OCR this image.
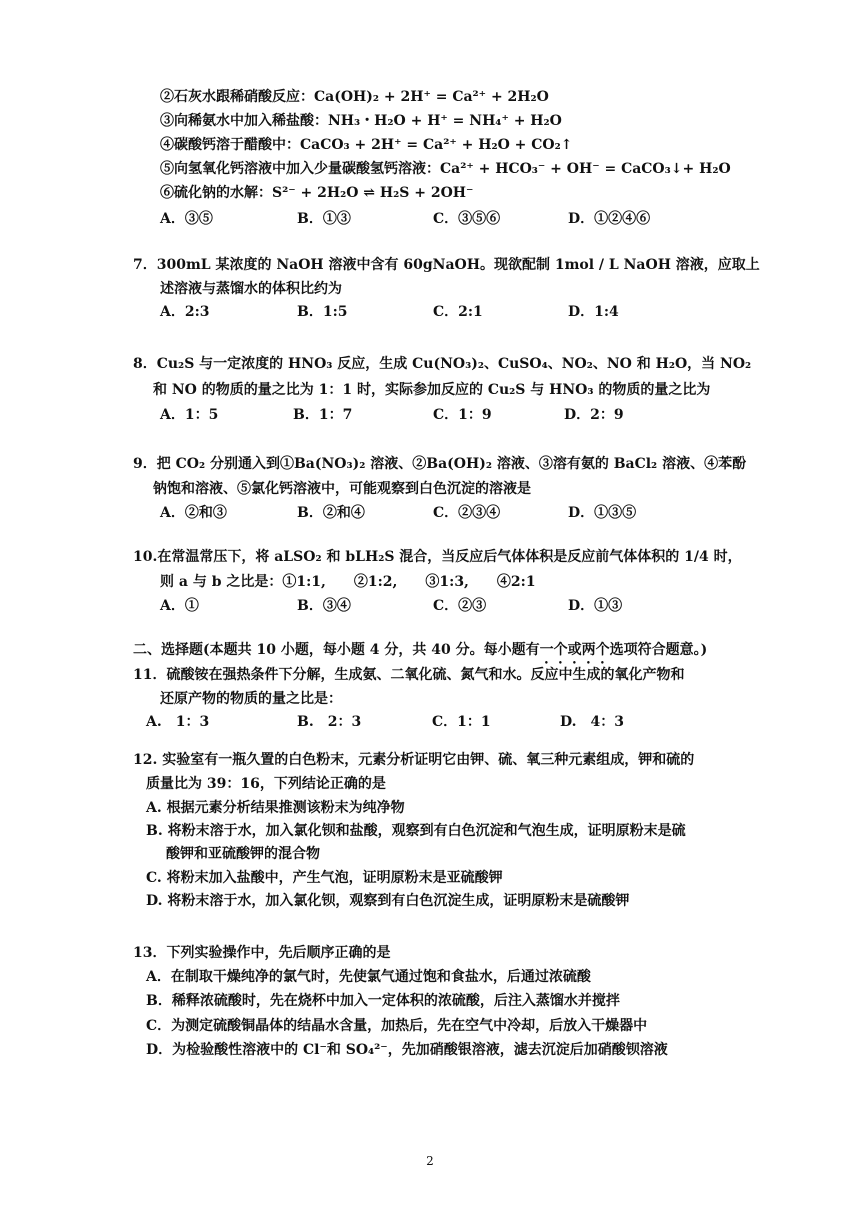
②石灰水跟稀硝酸反应：Ca(OH)₂ + 2H⁺ = Ca²⁺ + 2H₂O
③向稀氨水中加入稀盐酸：NH₃・H₂O + H⁺ = NH₄⁺ + H₂O
④碳酸钙溶于醋酸中：CaCO₃ + 2H⁺ = Ca²⁺ + H₂O + CO₂↑
⑤向氢氧化钙溶液中加入少量碳酸氢钙溶液：Ca²⁺ + HCO₃⁻ + OH⁻ = CaCO₃↓+ H₂O
⑥硫化钠的水解：S²⁻ + 2H₂O ⇌ H₂S + 2OH⁻
A．③⑤	B．①③	C．③⑤⑥	D．①②④⑥
7．300mL 某浓度的 NaOH 溶液中含有 60gNaOH。现欲配制 1mol / L NaOH 溶液，应取上
述溶液与蒸馏水的体积比约为
A．2:3	B．1:5	C．2:1	D．1:4
8．Cu₂S 与一定浓度的 HNO₃ 反应，生成 Cu(NO₃)₂、CuSO₄、NO₂、NO 和 H₂O，当 NO₂
和 NO 的物质的量之比为 1：1 时，实际参加反应的 Cu₂S 与 HNO₃ 的物质的量之比为
A．1：5	B．1：7	C．1：9	D．2：9
9．把 CO₂ 分别通入到①Ba(NO₃)₂ 溶液、②Ba(OH)₂ 溶液、③溶有氨的 BaCl₂ 溶液、④苯酚
钠饱和溶液、⑤氯化钙溶液中，可能观察到白色沉淀的溶液是
A．②和③	B．②和④	C．②③④	D．①③⑤
10.在常温常压下，将 aLSO₂ 和 bLH₂S 混合，当反应后气体体积是反应前气体体积的 1/4 时，
则 a 与 b 之比是：①1:1,　　②1:2,　　③1:3,　　④2:1
A．①	B．③④	C．②③	D．①③
二、选择题(本题共 10 小题，每小题 4 分，共 40 分。每小题有一个或两个选项符合题意。)
11．硫酸铵在强热条件下分解，生成氨、二氧化硫、氮气和水。反应中生成的氧化产物和
还原产物的物质的量之比是：
A.　1：3	B.　2：3	C．1：1	D.　4：3
12. 实验室有一瓶久置的白色粉末，元素分析证明它由钾、硫、氧三种元素组成，钾和硫的
质量比为 39：16，下列结论正确的是
A. 根据元素分析结果推测该粉末为纯净物
B. 将粉末溶于水，加入氯化钡和盐酸，观察到有白色沉淀和气泡生成，证明原粉末是硫
酸钾和亚硫酸钾的混合物
C. 将粉末加入盐酸中，产生气泡，证明原粉末是亚硫酸钾
D. 将粉末溶于水，加入氯化钡，观察到有白色沉淀生成，证明原粉末是硫酸钾
13．下列实验操作中，先后顺序正确的是
A．在制取干燥纯净的氯气时，先使氯气通过饱和食盐水，后通过浓硫酸
B．稀释浓硫酸时，先在烧杯中加入一定体积的浓硫酸，后注入蒸馏水并搅拌
C．为测定硫酸铜晶体的结晶水含量，加热后，先在空气中冷却，后放入干燥器中
D．为检验酸性溶液中的 Cl⁻和 SO₄²⁻，先加硝酸银溶液，滤去沉淀后加硝酸钡溶液
2
